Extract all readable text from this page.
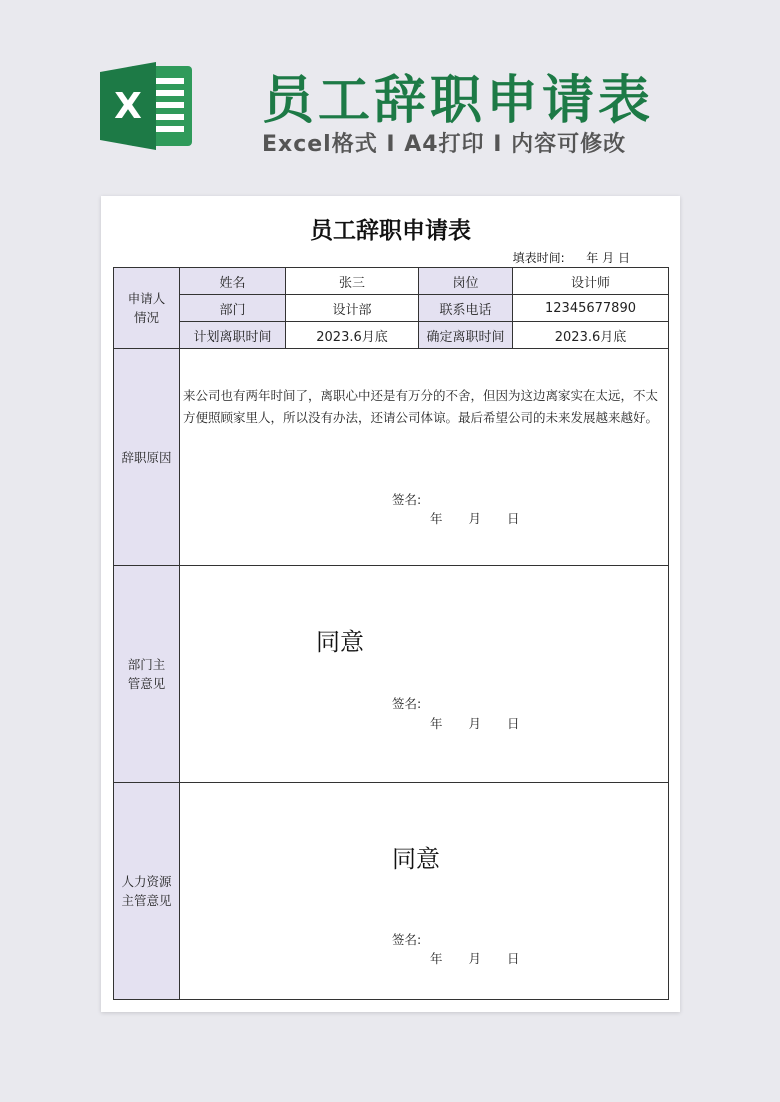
X 员工辞职申请表
Excel格式 I A4打印 I 内容可修改
员工辞职申请表
填表时间: 年 月 日
申请人情况	姓名	张三	岗位	设计师
	部门	设计部	联系电话	12345677890
	计划离职时间	2023.6月底	确定离职时间	2023.6月底
辞职原因	来公司也有两年时间了，离职心中还是有万分的不舍，但因为这边离家实在太远，不太方便照顾家里人，所以没有办法，还请公司体谅。最后希望公司的未来发展越来越好。
签名:
年 月 日			

部门主管意见	同意
签名:
年 月 日			

人力资源主管意见	同意
签名:
年 月 日			
